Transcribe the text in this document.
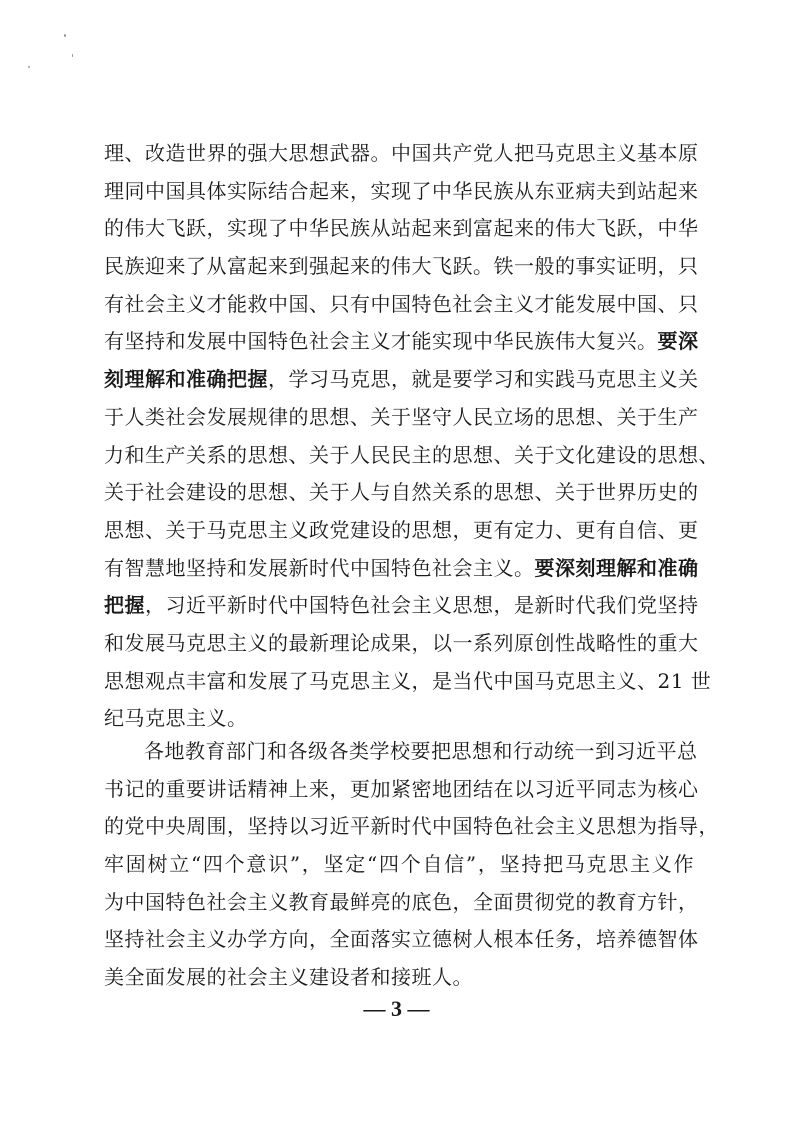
理、改造世界的强大思想武器。中国共产党人把马克思主义基本原
理同中国具体实际结合起来，实现了中华民族从东亚病夫到站起来
的伟大飞跃，实现了中华民族从站起来到富起来的伟大飞跃，中华
民族迎来了从富起来到强起来的伟大飞跃。铁一般的事实证明，只
有社会主义才能救中国、只有中国特色社会主义才能发展中国、只
有坚持和发展中国特色社会主义才能实现中华民族伟大复兴。要深
刻理解和准确把握，学习马克思，就是要学习和实践马克思主义关
于人类社会发展规律的思想、关于坚守人民立场的思想、关于生产
力和生产关系的思想、关于人民民主的思想、关于文化建设的思想、
关于社会建设的思想、关于人与自然关系的思想、关于世界历史的
思想、关于马克思主义政党建设的思想，更有定力、更有自信、更
有智慧地坚持和发展新时代中国特色社会主义。要深刻理解和准确
把握，习近平新时代中国特色社会主义思想，是新时代我们党坚持
和发展马克思主义的最新理论成果，以一系列原创性战略性的重大
思想观点丰富和发展了马克思主义，是当代中国马克思主义、21 世
纪马克思主义。
各地教育部门和各级各类学校要把思想和行动统一到习近平总
书记的重要讲话精神上来，更加紧密地团结在以习近平同志为核心
的党中央周围，坚持以习近平新时代中国特色社会主义思想为指导，
牢固树立“四个意识”，坚定“四个自信”，坚持把马克思主义作
为中国特色社会主义教育最鲜亮的底色，全面贯彻党的教育方针，
坚持社会主义办学方向，全面落实立德树人根本任务，培养德智体
美全面发展的社会主义建设者和接班人。
— 3 —
